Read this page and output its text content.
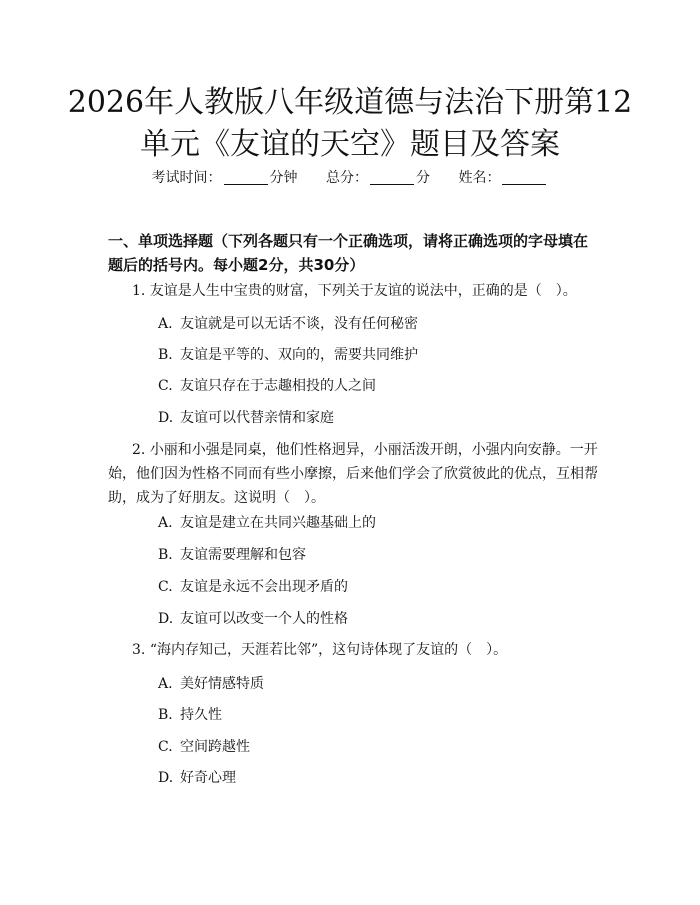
2026年人教版八年级道德与法治下册第12
单元《友谊的天空》题目及答案
考试时间：	分钟 总分：	分 姓名：
一、单项选择题（下列各题只有一个正确选项，请将正确选项的字母填在题后的括号内。每小题2分，共30分）
1. 友谊是人生中宝贵的财富，下列关于友谊的说法中，正确的是（　）。
A. 友谊就是可以无话不谈，没有任何秘密
B. 友谊是平等的、双向的，需要共同维护
C. 友谊只存在于志趣相投的人之间
D. 友谊可以代替亲情和家庭
2. 小丽和小强是同桌，他们性格迥异，小丽活泼开朗，小强内向安静。一开始，他们因为性格不同而有些小摩擦，后来他们学会了欣赏彼此的优点，互相帮助，成为了好朋友。这说明（　）。
A. 友谊是建立在共同兴趣基础上的
B. 友谊需要理解和包容
C. 友谊是永远不会出现矛盾的
D. 友谊可以改变一个人的性格
3. “海内存知己，天涯若比邻”，这句诗体现了友谊的（　）。
A. 美好情感特质
B. 持久性
C. 空间跨越性
D. 好奇心理
